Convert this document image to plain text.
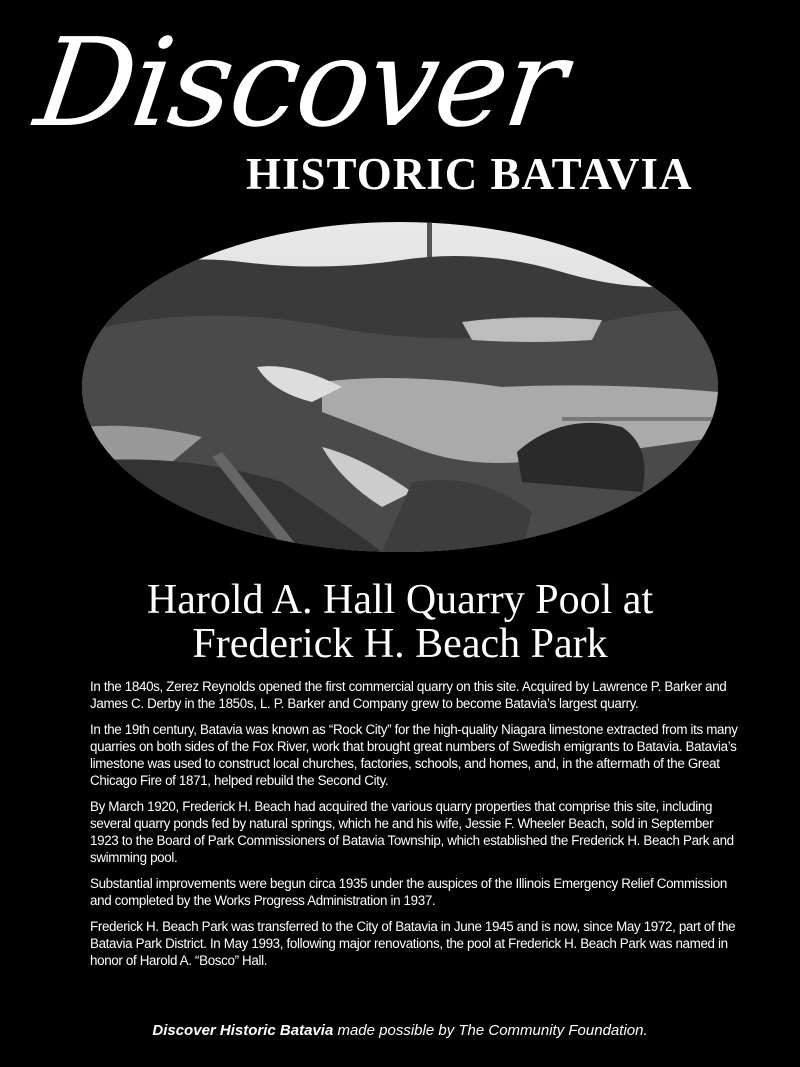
Discover
HISTORIC BATAVIA
Harold A. Hall Quarry Pool at
Frederick H. Beach Park

In the 1840s, Zerez Reynolds opened the first commercial quarry on this site. Acquired by Lawrence P. Barker and James C. Derby in the 1850s, L. P. Barker and Company grew to become Batavia’s largest quarry.

In the 19th century, Batavia was known as “Rock City” for the high-quality Niagara limestone extracted from its many quarries on both sides of the Fox River, work that brought great numbers of Swedish emigrants to Batavia. Batavia’s limestone was used to construct local churches, factories, schools, and homes, and, in the aftermath of the Great Chicago Fire of 1871, helped rebuild the Second City.

By March 1920, Frederick H. Beach had acquired the various quarry properties that comprise this site, including several quarry ponds fed by natural springs, which he and his wife, Jessie F. Wheeler Beach, sold in September 1923 to the Board of Park Commissioners of Batavia Township, which established the Frederick H. Beach Park and swimming pool.

Substantial improvements were begun circa 1935 under the auspices of the Illinois Emergency Relief Commission and completed by the Works Progress Administration in 1937.

Frederick H. Beach Park was transferred to the City of Batavia in June 1945 and is now, since May 1972, part of the Batavia Park District. In May 1993, following major renovations, the pool at Frederick H. Beach Park was named in honor of Harold A. “Bosco” Hall.

Discover Historic Batavia made possible by The Community Foundation.
